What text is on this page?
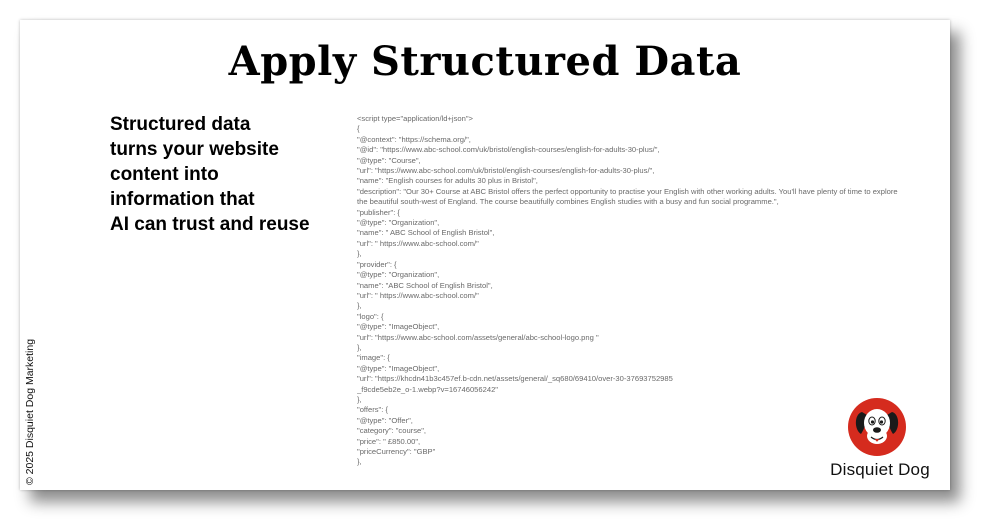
Apply Structured Data
Structured data
turns your website
content into
information that
AI can trust and reuse
<script type="application/ld+json">
{
"@context": "https://schema.org/",
"@id": "https://www.abc-school.com/uk/bristol/english-courses/english-for-adults-30-plus/",
"@type": "Course",
"url": "https://www.abc-school.com/uk/bristol/english-courses/english-for-adults-30-plus/",
"name": "English courses for adults 30 plus in Bristol",
"description": "Our 30+ Course at ABC Bristol offers the perfect opportunity to practise your English with other working adults. You'll have plenty of time to explore the beautiful south-west of England. The course beautifully combines English studies with a busy and fun social programme.",
"publisher": {
"@type": "Organization",
"name": " ABC School of English Bristol",
"url": " https://www.abc-school.com/"
},
"provider": {
"@type": "Organization",
"name": "ABC School of English Bristol",
"url": " https://www.abc-school.com/"
},
"logo": {
"@type": "ImageObject",
"url": "https://www.abc-school.com/assets/general/abc-school-logo.png "
},
"image": {
"@type": "ImageObject",
"url": "https://khcdn41b3c457ef.b-cdn.net/assets/general/_sq680/69410/over-30-37693752985
_f9cde5eb2e_o-1.webp?v=16746056242"
},
"offers": {
"@type": "Offer",
"category": "course",
"price": " £850.00",
"priceCurrency": "GBP"
},	Disquiet Dog
© 2025 Disquiet Dog Marketing
